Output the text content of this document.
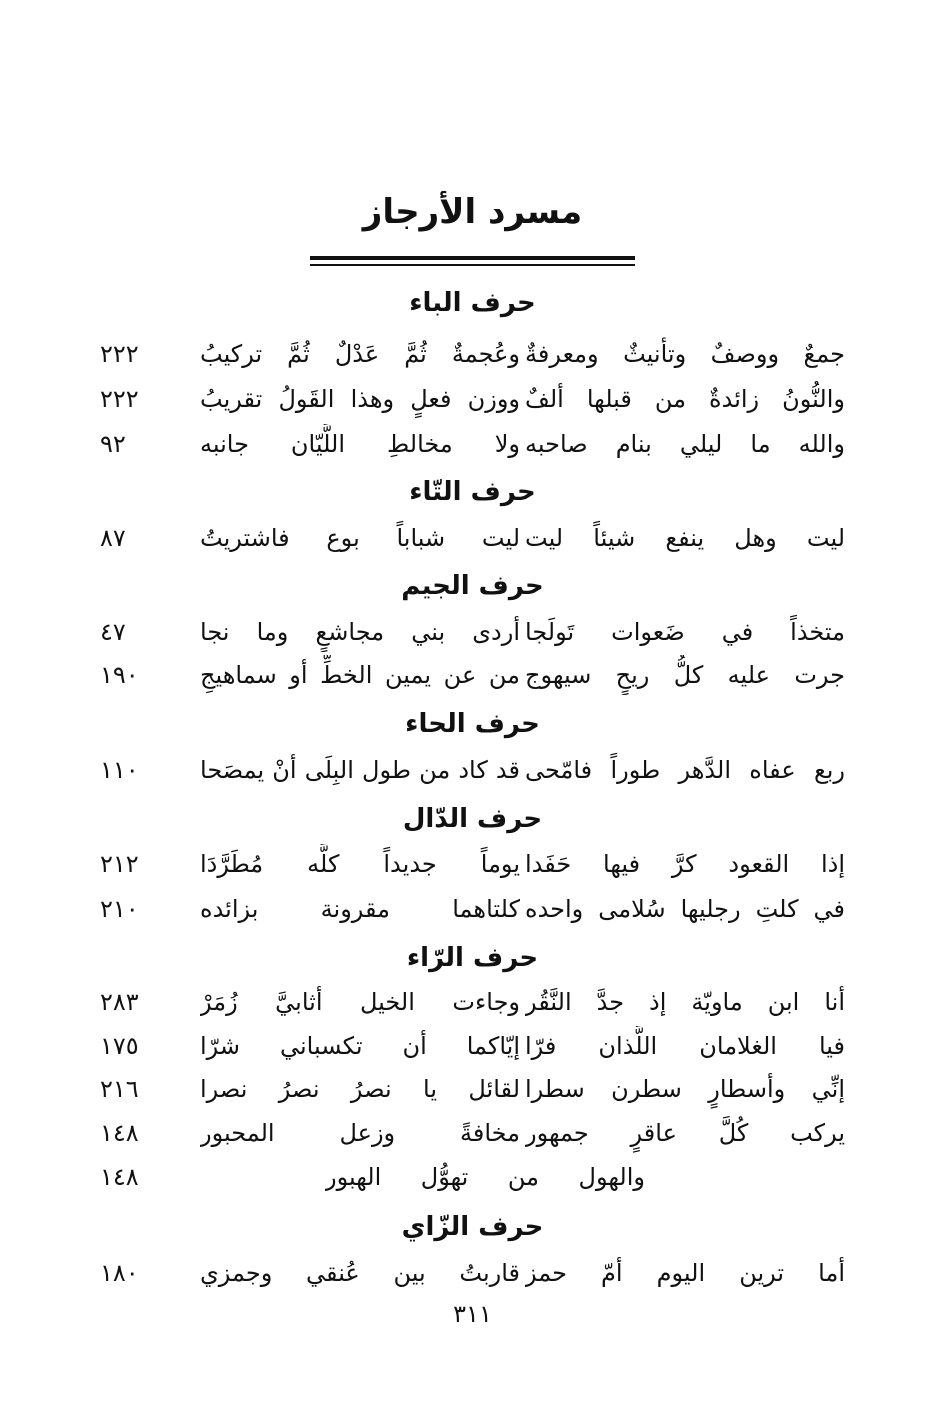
مسرد الأرجاز
حرف الباء
جمعٌ ووصفٌ وتأنيثٌ ومعرفةٌ
وعُجمةٌ ثُمَّ عَدْلٌ ثُمَّ تركيبُ
٢٢٢
والنُّونُ زائدةٌ من قبلها ألفٌ
ووزن فعلٍ وهذا القَولُ تقريبُ
٢٢٢
والله ما ليلي بنام صاحبه
ولا مخالطِ اللَّيّان جانبه
٩٢
حرف التّاء
ليت وهل ينفع شيئاً ليت
ليت شباباً بوع فاشتريتُ
٨٧
حرف الجيم
متخذاً في ضَعوات تَولَجا
أردى بني مجاشعٍ وما نجا
٤٧
جرت عليه كلُّ ريحٍ سيهوج
من عن يمين الخطِّ أو سماهيجِ
١٩٠
حرف الحاء
ربع عفاه الدَّهر طوراً فامّحى
قد كاد من طول البِلَى أنْ يمصَحا
١١٠
حرف الدّال
إذا القعود كرَّ فيها حَفَدا
يوماً جديداً كلَّه مُطَرَّدَا
٢١٢
في كلتِ رجليها سُلامى واحده
كلتاهما مقرونة بزائده
٢١٠
حرف الرّاء
أنا ابن ماويّة إذ جدَّ النَّقُر
وجاءت الخيل أثابيَّ زُمَرْ
٢٨٣
فيا الغلامان اللَّذان فرّا
إيّاكما أن تكسباني شرّا
١٧٥
إنِّي وأسطارٍ سطرن سطرا
لقائل يا نصرُ نصرُ نصرا
٢١٦
يركب كُلَّ عاقرٍ جمهور
مخافةً وزعل المحبور
١٤٨
والهول من تهوُّل الهبور
١٤٨
حرف الزّاي
أما ترين اليوم أمّ حمز
قاربتُ بين عُنقي وجمزي
١٨٠
٣١١
